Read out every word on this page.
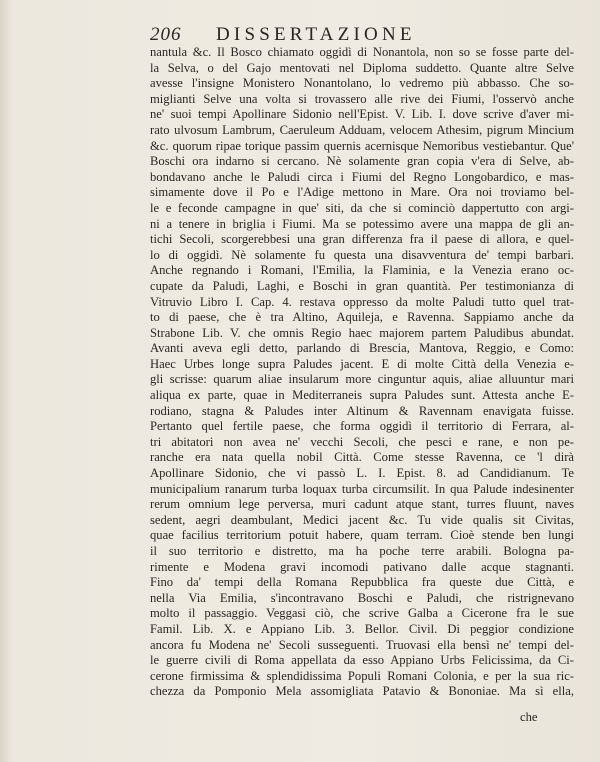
206 DISSERTAZIONE
nantula &c. Il Bosco chiamato oggidì di Nonantola, non so se fosse parte del-
la Selva, o del Gajo mentovati nel Diploma suddetto. Quante altre Selve
avesse l'insigne Monistero Nonantolano, lo vedremo più abbasso. Che so-
miglianti Selve una volta si trovassero alle rive dei Fiumi, l'osservò anche
ne' suoi tempi Apollinare Sidonio nell'Epist. V. Lib. I. dove scrive d'aver mi-
rato ulvosum Lambrum, Caeruleum Adduam, velocem Athesim, pigrum Mincium
&c. quorum ripae torique passim quernis acernisque Nemoribus vestiebantur. Que'
Boschi ora indarno si cercano. Nè solamente gran copia v'era di Selve, ab-
bondavano anche le Paludi circa i Fiumi del Regno Longobardico, e mas-
simamente dove il Po e l'Adige mettono in Mare. Ora noi troviamo bel-
le e feconde campagne in que' siti, da che si cominciò dappertutto con argi-
ni a tenere in briglia i Fiumi. Ma se potessimo avere una mappa de gli an-
tichi Secoli, scorgerebbesi una gran differenza fra il paese di allora, e quel-
lo di oggidì. Nè solamente fu questa una disavventura de' tempi barbari.
Anche regnando i Romani, l'Emilia, la Flaminia, e la Venezia erano oc-
cupate da Paludi, Laghi, e Boschi in gran quantità. Per testimonianza di
Vitruvio Libro I. Cap. 4. restava oppresso da molte Paludi tutto quel trat-
to di paese, che è tra Altino, Aquileja, e Ravenna. Sappiamo anche da
Strabone Lib. V. che omnis Regio haec majorem partem Paludibus abundat.
Avanti aveva egli detto, parlando di Brescia, Mantova, Reggio, e Como:
Haec Urbes longe supra Paludes jacent. E di molte Città della Venezia e-
gli scrisse: quarum aliae insularum more cinguntur aquis, aliae alluuntur mari
aliqua ex parte, quae in Mediterraneis supra Paludes sunt. Attesta anche E-
rodiano, stagna & Paludes inter Altinum & Ravennam enavigata fuisse.
Pertanto quel fertile paese, che forma oggidì il territorio di Ferrara, al-
tri abitatori non avea ne' vecchi Secoli, che pesci e rane, e non pe-
ranche era nata quella nobil Città. Come stesse Ravenna, ce 'l dirà
Apollinare Sidonio, che vi passò L. I. Epist. 8. ad Candidianum. Te
municipalium ranarum turba loquax turba circumsilit. In qua Palude indesinenter
rerum omnium lege perversa, muri cadunt atque stant, turres fluunt, naves
sedent, aegri deambulant, Medici jacent &c. Tu vide qualis sit Civitas,
quae facilius territorium potuit habere, quam terram. Cioè stende ben lungi
il suo territorio e distretto, ma ha poche terre arabili. Bologna pa-
rimente e Modena gravi incomodi pativano dalle acque stagnanti.
Fino da' tempi della Romana Repubblica fra queste due Città, e
nella Via Emilia, s'incontravano Boschi e Paludi, che ristrignevano
molto il passaggio. Veggasi ciò, che scrive Galba a Cicerone fra le sue
Famil. Lib. X. e Appiano Lib. 3. Bellor. Civil. Di peggior condizione
ancora fu Modena ne' Secoli susseguenti. Truovasi ella bensì ne' tempi del-
le guerre civili di Roma appellata da esso Appiano Urbs Felicissima, da Ci-
cerone firmissima & splendidissima Populi Romani Colonia, e per la sua ric-
chezza da Pomponio Mela assomigliata Patavio & Bononiae. Ma sì ella,
che
